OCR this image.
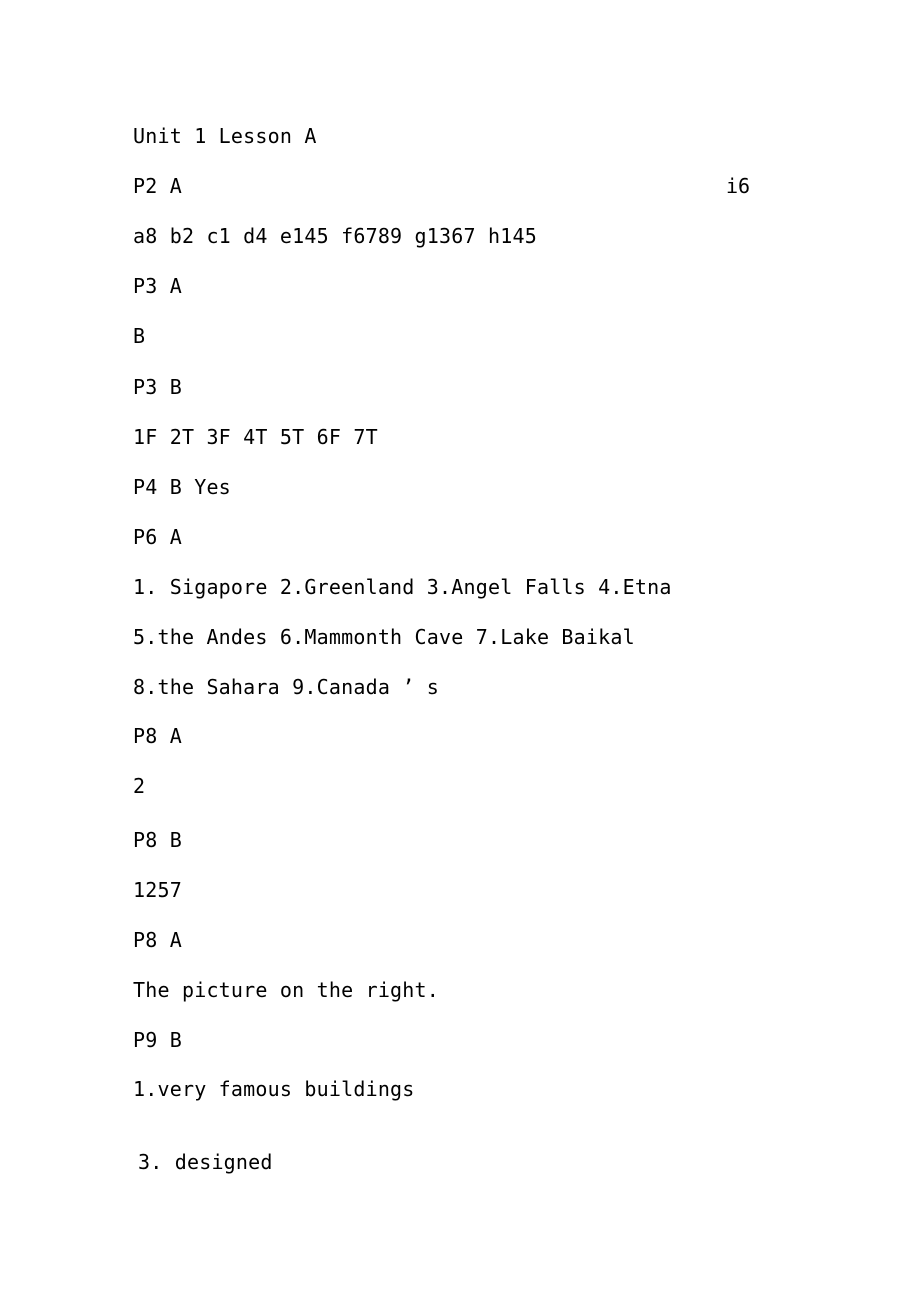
Unit 1 Lesson A
P2 A	i6
a8 b2 c1 d4 e145 f6789 g1367 h145
P3 A
B
P3 B
1F 2T 3F 4T 5T 6F 7T
P4 B Yes
P6 A
1. Sigapore 2.Greenland 3.Angel Falls 4.Etna
5.the Andes 6.Mammonth Cave 7.Lake Baikal
8.the Sahara 9.Canada ’ s
P8 A
2
P8 B
1257
P8 A
The picture on the right.
P9 B
1.very famous buildings
3. designed
